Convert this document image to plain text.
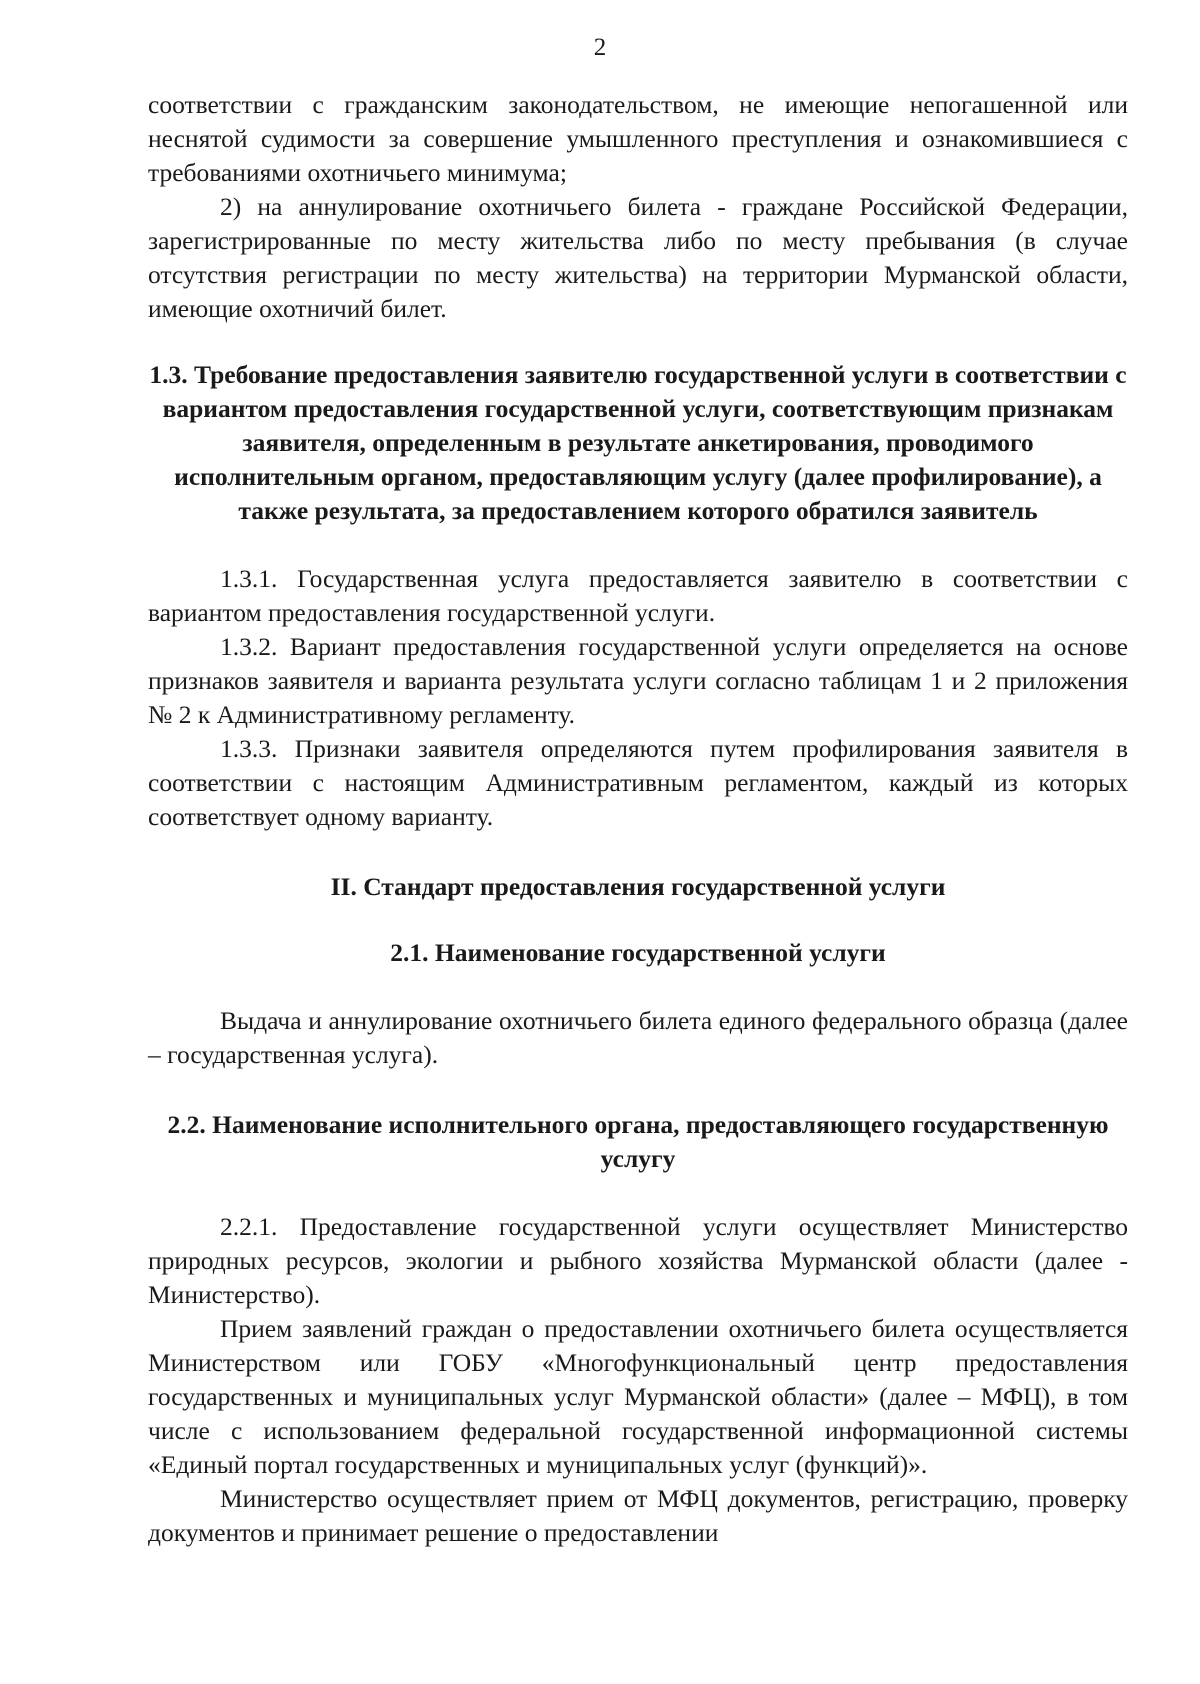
2

соответствии с гражданским законодательством, не имеющие непогашенной или неснятой судимости за совершение умышленного преступления и ознакомившиеся с требованиями охотничьего минимума;

2) на аннулирование охотничьего билета - граждане Российской Федерации, зарегистрированные по месту жительства либо по месту пребывания (в случае отсутствия регистрации по месту жительства) на территории Мурманской области, имеющие охотничий билет.

1.3. Требование предоставления заявителю государственной услуги в соответствии с вариантом предоставления государственной услуги, соответствующим признакам заявителя, определенным в результате анкетирования, проводимого исполнительным органом, предоставляющим услугу (далее профилирование), а также результата, за предоставлением которого обратился заявитель

1.3.1. Государственная услуга предоставляется заявителю в соответствии с вариантом предоставления государственной услуги.

1.3.2. Вариант предоставления государственной услуги определяется на основе признаков заявителя и варианта результата услуги согласно таблицам 1 и 2 приложения № 2 к Административному регламенту.

1.3.3. Признаки заявителя определяются путем профилирования заявителя в соответствии с настоящим Административным регламентом, каждый из которых соответствует одному варианту.

II. Стандарт предоставления государственной услуги
2.1. Наименование государственной услуги

Выдача и аннулирование охотничьего билета единого федерального образца (далее – государственная услуга).

2.2. Наименование исполнительного органа, предоставляющего государственную услугу

2.2.1. Предоставление государственной услуги осуществляет Министерство природных ресурсов, экологии и рыбного хозяйства Мурманской области (далее - Министерство).

Прием заявлений граждан о предоставлении охотничьего билета осуществляется Министерством или ГОБУ «Многофункциональный центр предоставления государственных и муниципальных услуг Мурманской области» (далее – МФЦ), в том числе с использованием федеральной государственной информационной системы «Единый портал государственных и муниципальных услуг (функций)».

Министерство осуществляет прием от МФЦ документов, регистрацию, проверку документов и принимает решение о предоставлении
